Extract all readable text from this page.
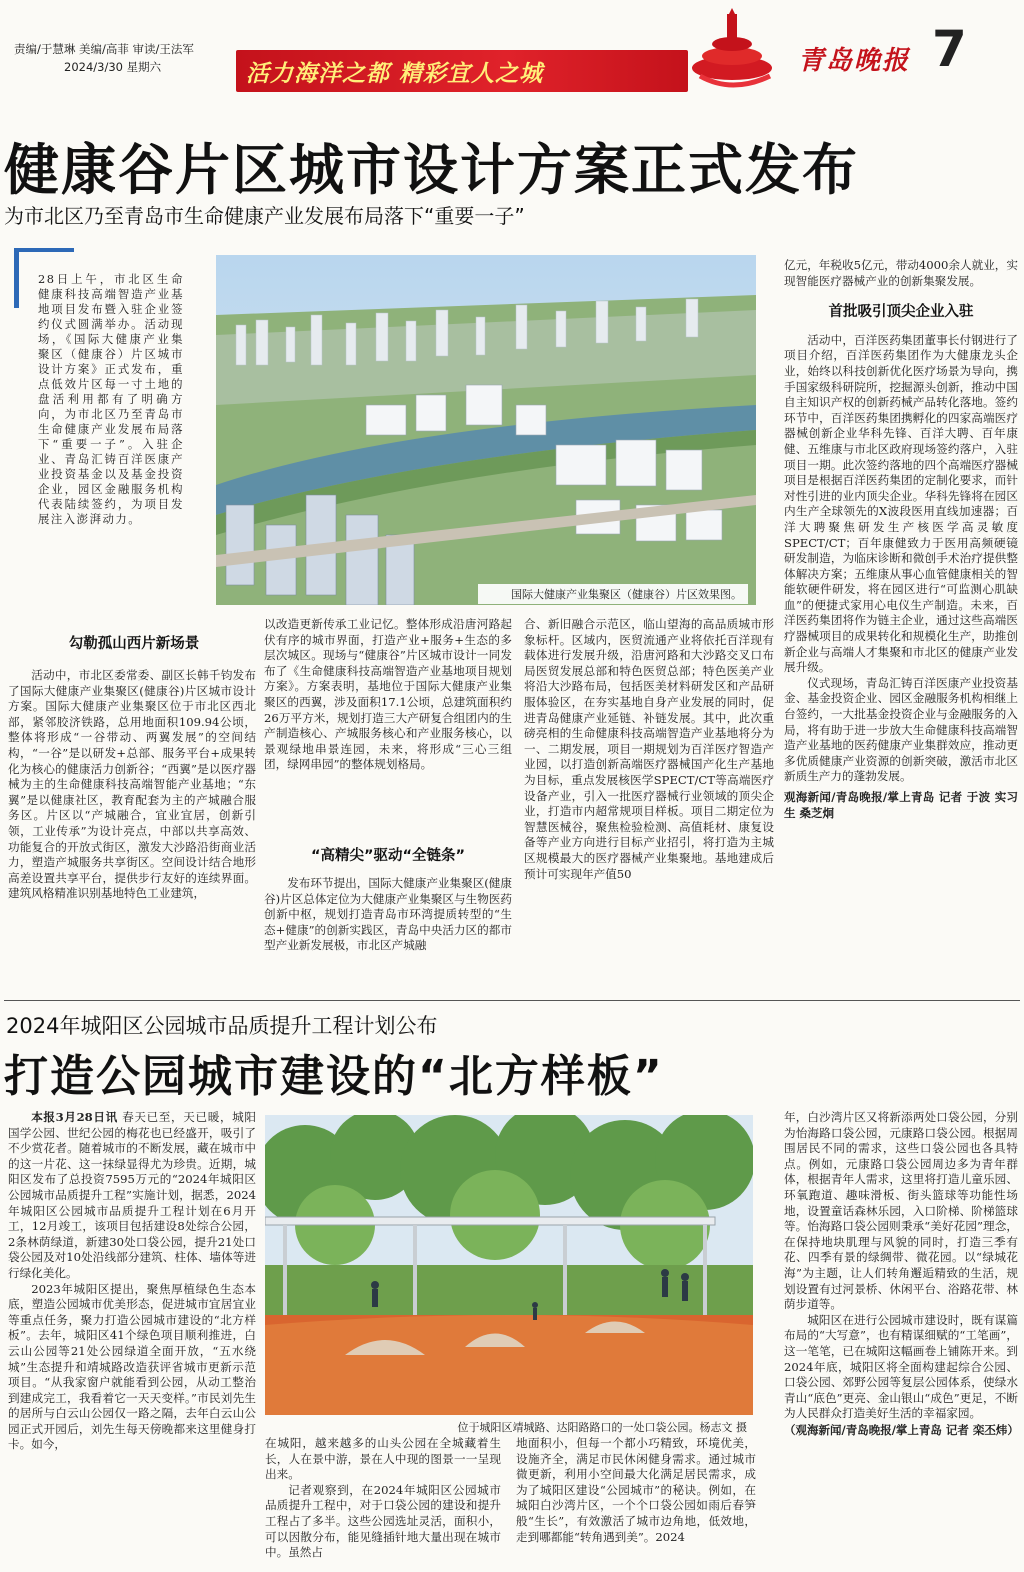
责编/于慧琳 美编/高菲 审读/王法军
2024/3/30 星期六	活力海洋之都 精彩宜人之城	青岛晚报 7
健康谷片区城市设计方案正式发布
为市北区乃至青岛市生命健康产业发展布局落下“重要一子”
28日上午，市北区生命健康科技高端智造产业基地项目发布暨入驻企业签约仪式圆满举办。活动现场，《国际大健康产业集聚区（健康谷）片区城市设计方案》正式发布，重点低效片区每一寸土地的盘活利用都有了明确方向，为市北区乃至青岛市生命健康产业发展布局落下“重要一子”。入驻企业、青岛汇铸百洋医康产业投资基金以及基金投资企业，园区金融服务机构代表陆续签约，为项目发展注入澎湃动力。
国际大健康产业集聚区（健康谷）片区效果图。
勾勒孤山西片新场景

活动中，市北区委常委、副区长韩千钧发布了国际大健康产业集聚区(健康谷)片区城市设计方案。国际大健康产业集聚区位于市北区西北部，紧邻胶济铁路，总用地面积109.94公顷，整体将形成“一谷带动、两翼发展”的空间结构，“一谷”是以研发+总部、服务平台+成果转化为核心的健康活力创新谷；“西翼”是以医疗器械为主的生命健康科技高端智能产业基地；“东翼”是以健康社区，教育配套为主的产城融合服务区。片区以“产城融合，宜业宜居，创新引领，工业传承”为设计亮点，中部以共享高效、功能复合的开放式街区，激发大沙路沿街商业活力，塑造产城服务共享街区。空间设计结合地形高差设置共享平台，提供步行友好的连续界面。建筑风格精准识别基地特色工业建筑，

以改造更新传承工业记忆。整体形成沿唐河路起伏有序的城市界面，打造产业+服务+生态的多层次城区。现场与“健康谷”片区城市设计一同发布了《生命健康科技高端智造产业基地项目规划方案》。方案表明，基地位于国际大健康产业集聚区的西翼，涉及面积17.1公顷，总建筑面积约26万平方米，规划打造三大产研复合组团内的生产制造核心、产城服务核心和产业服务核心，以景观绿地串景连园，未来，将形成“三心三组团，绿网串园”的整体规划格局。
“高精尖”驱动“全链条”

发布环节提出，国际大健康产业集聚区(健康谷)片区总体定位为大健康产业集聚区与生物医药创新中枢，规划打造青岛市环湾提质转型的“生态+健康”的创新实践区，青岛中央活力区的都市型产业新发展极，市北区产城融

合、新旧融合示范区，临山望海的高品质城市形象标杆。区域内，医贸流通产业将依托百洋现有载体进行发展升级，沿唐河路和大沙路交叉口布局医贸发展总部和特色医贸总部；特色医美产业将沿大沙路布局，包括医美材料研发区和产品研服体验区，在夯实基地自身产业发展的同时，促进青岛健康产业延链、补链发展。其中，此次重磅亮相的生命健康科技高端智造产业基地将分为一、二期发展，项目一期规划为百洋医疗智造产业园，以打造创新高端医疗器械国产化生产基地为目标，重点发展核医学SPECT/CT等高端医疗设备产业，引入一批医疗器械行业领域的顶尖企业，打造市内超常规项目样板。项目二期定位为智慧医械谷，聚焦检验检测、高值耗材、康复设备等产业方向进行目标产业招引，将打造为主城区规模最大的医疗器械产业集聚地。基地建成后预计可实现年产值50
亿元，年税收5亿元，带动4000余人就业，实现智能医疗器械产业的创新集聚发展。
首批吸引顶尖企业入驻

活动中，百洋医药集团董事长付钢进行了项目介绍，百洋医药集团作为大健康龙头企业，始终以科技创新优化医疗场景为导向，携手国家级科研院所，挖掘源头创新，推动中国自主知识产权的创新药械产品转化落地。签约环节中，百洋医药集团携孵化的四家高端医疗器械创新企业华科先锋、百洋大聘、百年康健、五维康与市北区政府现场签约落户，入驻项目一期。此次签约落地的四个高端医疗器械项目是根据百洋医药集团的定制化要求，而针对性引进的业内顶尖企业。华科先锋将在园区内生产全球领先的X波段医用直线加速器；百洋大聘聚焦研发生产核医学高灵敏度SPECT/CT；百年康健致力于医用高频硬镜研发制造，为临床诊断和微创手术治疗提供整体解决方案；五维康从事心血管健康相关的智能软硬件研发，将在园区进行“可监测心肌缺血”的便捷式家用心电仪生产制造。未来，百洋医药集团将作为链主企业，通过这些高端医疗器械项目的成果转化和规模化生产，助推创新企业与高端人才集聚和市北区的健康产业发展升级。

仪式现场，青岛汇铸百洋医康产业投资基金、基金投资企业、园区金融服务机构相继上台签约，一大批基金投资企业与金融服务的入局，将有助于进一步放大生命健康科技高端智造产业基地的医药健康产业集群效应，推动更多优质健康产业资源的创新突破，激活市北区新质生产力的蓬勃发展。

观海新闻/青岛晚报/掌上青岛 记者 于波 实习生 桑芝炯
2024年城阳区公园城市品质提升工程计划公布
打造公园城市建设的“北方样板”

本报3月28日讯 春天已至，天已暖，城阳国学公园、世纪公园的梅花也已经盛开，吸引了不少赏花者。随着城市的不断发展，藏在城市中的这一片花、这一抹绿显得尤为珍贵。近期，城阳区发布了总投资7595万元的“2024年城阳区公园城市品质提升工程”实施计划，据悉，2024年城阳区公园城市品质提升工程计划在6月开工，12月竣工，该项目包括建设8处综合公园，2条林荫绿道，新建30处口袋公园，提升21处口袋公园及对10处沿线部分建筑、柱体、墙体等进行绿化美化。

2023年城阳区提出，聚焦厚植绿色生态本底，塑造公园城市优美形态，促进城市宜居宜业等重点任务，聚力打造公园城市建设的“北方样板”。去年，城阳区41个绿色项目顺利推进，白云山公园等21处公园绿道全面开放，“五水绕城”生态提升和靖城路改造获评省城市更新示范项目。“从我家窗户就能看到公园，从动工整治到建成完工，我看着它一天天变样。”市民刘先生的居所与白云山公园仅一路之隔，去年白云山公园正式开园后，刘先生每天傍晚都来这里健身打卡。如今，

位于城阳区靖城路、达阳路路口的一处口袋公园。杨志文 摄
在城阳，越来越多的山头公园在全城藏着生长，人在景中游，景在人中现的图景一一呈现出来。

记者观察到，在2024年城阳区公园城市品质提升工程中，对于口袋公园的建设和提升工程占了多半。这些公园选址灵活，面积小，可以因散分布，能见缝插针地大量出现在城市中。虽然占

地面积小，但每一个都小巧精致，环境优美，设施齐全，满足市民休闲健身需求。通过城市微更新，利用小空间最大化满足居民需求，成为了城阳区建设“公园城市”的秘诀。例如，在城阳白沙湾片区，一个个口袋公园如雨后春笋般“生长”，有效激活了城市边角地，低效地，走到哪都能“转角遇到美”。2024
年，白沙湾片区又将新添两处口袋公园，分别为怡海路口袋公园，元康路口袋公园。根据周围居民不同的需求，这些口袋公园也各具特点。例如，元康路口袋公园周边多为青年群体，根据青年人需求，这里将打造儿童乐园、环氧跑道、趣味滑板、街头篮球等功能性场地，设置童话森林乐园，入口阶梯、阶梯篮球等。怡海路口袋公园则秉承“美好花园”理念，在保持地块肌理与风貌的同时，打造三季有花、四季有景的绿绸带、微花园。以“绿城花海”为主题，让人们转角邂逅精致的生活，规划设置有过河景桥、休闲平台、浴路花带、林荫步道等。

城阳区在进行公园城市建设时，既有谋篇布局的“大写意”，也有精谋细赋的“工笔画”，这一笔笔，已在城阳这幅画卷上铺陈开来。到2024年底，城阳区将全面构建起综合公园、口袋公园、郊野公园等复层公园体系，使绿水青山“底色”更亮、金山银山“成色”更足，不断为人民群众打造美好生活的幸福家园。

（观海新闻/青岛晚报/掌上青岛 记者 栾丕炜）
